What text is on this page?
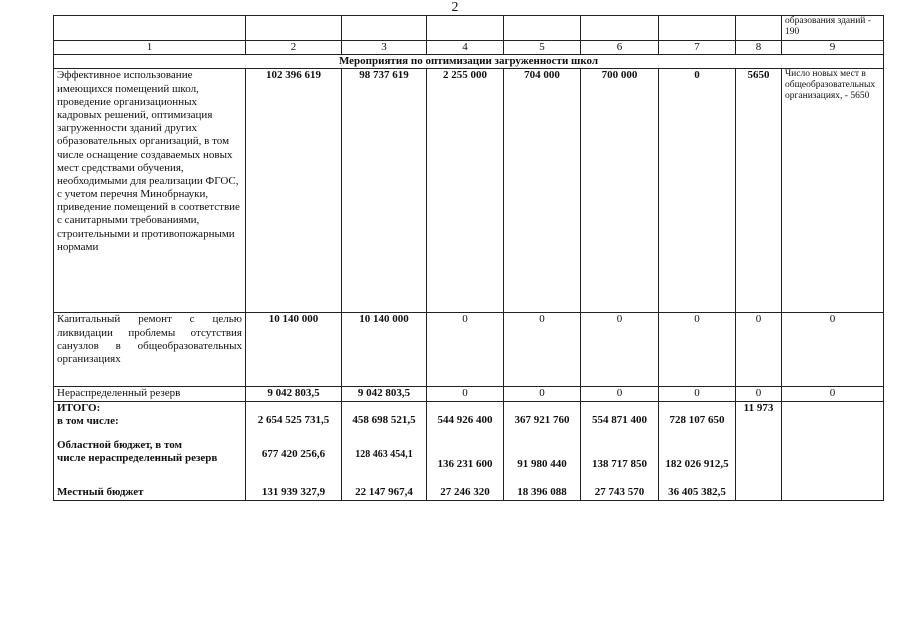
2
								образования зданий - 190
1	2	3	4	5	6	7	8	9
Мероприятия по оптимизации загруженности школ								
Эффективное использование имеющихся помещений школ, проведение организационных кадровых решений, оптимизация загруженности зданий других образовательных организаций, в том числе оснащение создаваемых новых мест средствами обучения, необходимыми для реализации ФГОС, с учетом перечня Минобрнауки, приведение помещений в соответствие с санитарными требованиями, строительными и противопожарными нормами	102 396 619	98 737 619	2 255 000	704 000	700 000	0	5650	Число новых мест в общеобразовательных организациях, - 5650
Капитальный ремонт с целью ликвидации проблемы отсутствия санузлов в общеобразовательных организациях	10 140 000	10 140 000	0	0	0	0	0	0
Нераспределенный резерв	9 042 803,5	9 042 803,5	0	0	0	0	0	0

ИТОГО:
в том числе:	2 654 525 731,5	458 698 521,5	544 926 400	367 921 760	554 871 400	728 107 650	11 973	

Областной бюджет, в том
числе нераспределенный резерв	677 420 256,6	128 463 454,1	136 231 600	91 980 440	138 717 850	182 026 912,5		
Местный бюджет	131 939 327,9	22 147 967,4	27 246 320	18 396 088	27 743 570	36 405 382,5		
